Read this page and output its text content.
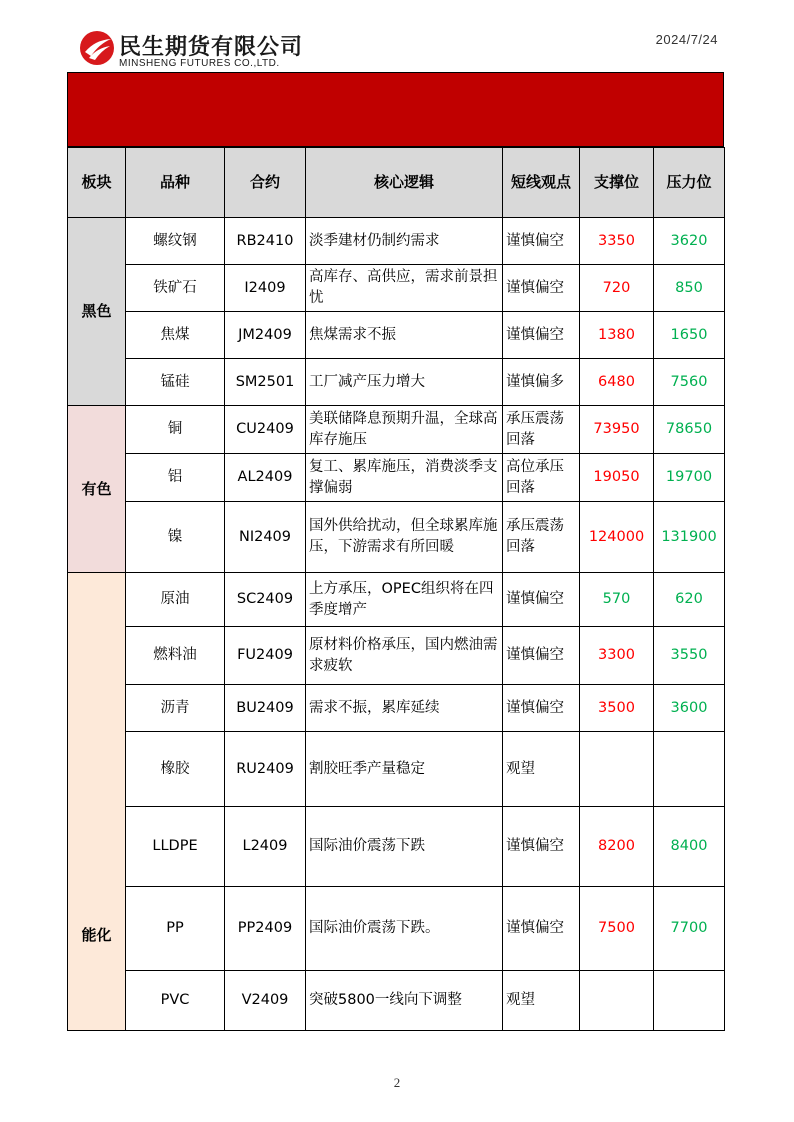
民生期货有限公司
MINSHENG FUTURES CO.,LTD.
2024/7/24
板块	品种	合约	核心逻辑	短线观点	支撑位	压力位
黑色	螺纹钢	RB2410	淡季建材仍制约需求	谨慎偏空	3350	3620
	铁矿石	I2409	高库存、高供应，需求前景担忧	谨慎偏空	720	850
	焦煤	JM2409	焦煤需求不振	谨慎偏空	1380	1650
	锰硅	SM2501	工厂减产压力增大	谨慎偏多	6480	7560
有色	铜	CU2409	美联储降息预期升温，全球高库存施压	承压震荡回落	73950	78650
	铝	AL2409	复工、累库施压，消费淡季支撑偏弱	高位承压回落	19050	19700
	镍	NI2409	国外供给扰动，但全球累库施压，下游需求有所回暖	承压震荡回落	124000	131900
能化	原油	SC2409	上方承压，OPEC组织将在四季度增产	谨慎偏空	570	620
	燃料油	FU2409	原材料价格承压，国内燃油需求疲软	谨慎偏空	3300	3550
	沥青	BU2409	需求不振，累库延续	谨慎偏空	3500	3600
	橡胶	RU2409	割胶旺季产量稳定	观望		
	LLDPE	L2409	国际油价震荡下跌	谨慎偏空	8200	8400
	PP	PP2409	国际油价震荡下跌。	谨慎偏空	7500	7700
	PVC	V2409	突破5800一线向下调整	观望		
2
